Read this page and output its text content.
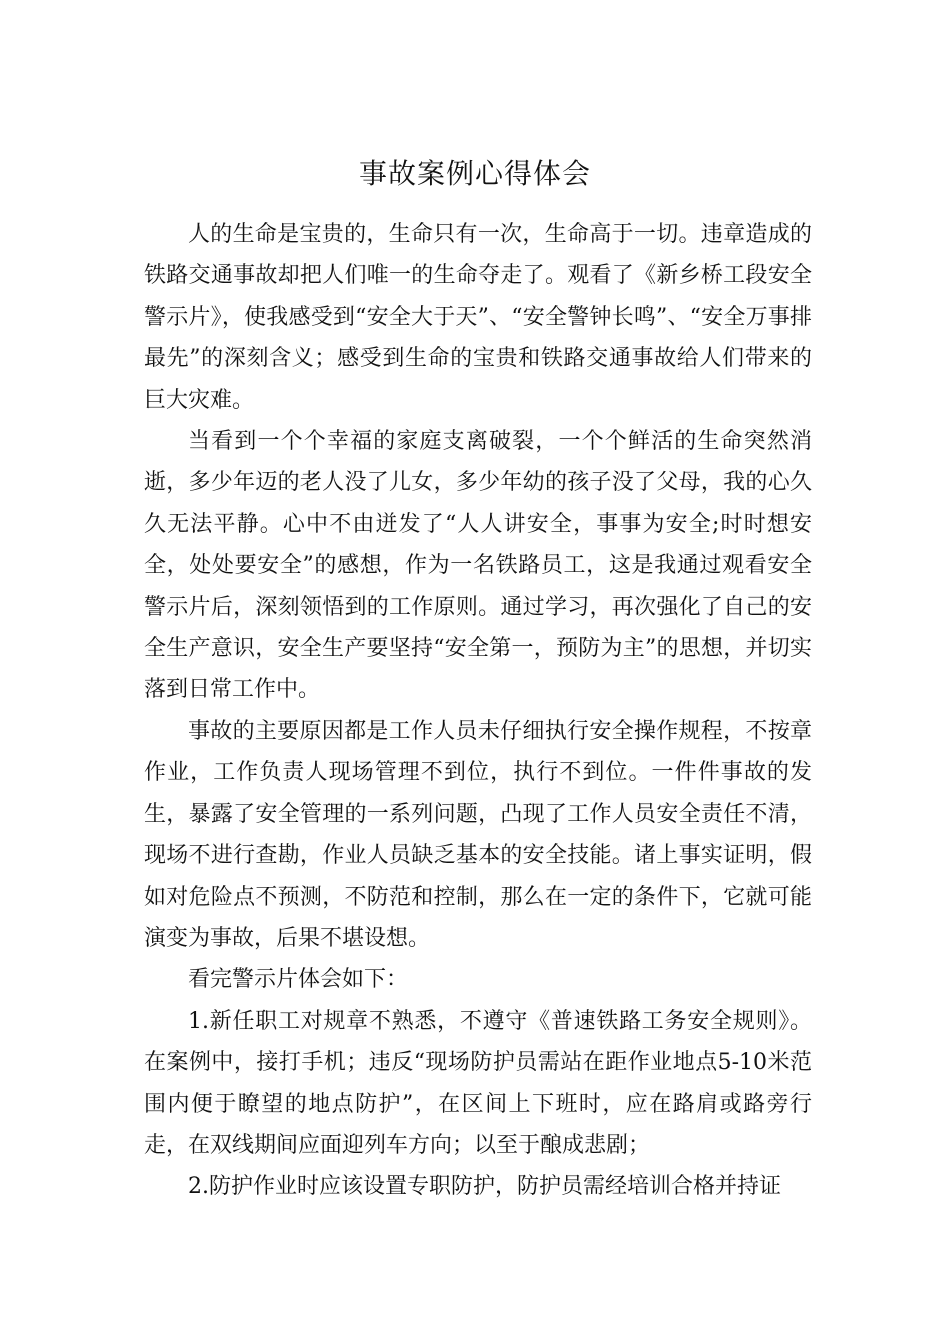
事故案例心得体会

人的生命是宝贵的，生命只有一次，生命高于一切。违章造成的铁路交通事故却把人们唯一的生命夺走了。观看了《新乡桥工段安全警示片》，使我感受到“安全大于天”、“安全警钟长鸣”、“安全万事排最先”的深刻含义；感受到生命的宝贵和铁路交通事故给人们带来的巨大灾难。

当看到一个个幸福的家庭支离破裂，一个个鲜活的生命突然消逝，多少年迈的老人没了儿女，多少年幼的孩子没了父母，我的心久久无法平静。心中不由迸发了“人人讲安全，事事为安全;时时想安全，处处要安全”的感想，作为一名铁路员工，这是我通过观看安全警示片后，深刻领悟到的工作原则。通过学习，再次强化了自己的安全生产意识，安全生产要坚持“安全第一，预防为主”的思想，并切实落到日常工作中。

事故的主要原因都是工作人员未仔细执行安全操作规程，不按章作业，工作负责人现场管理不到位，执行不到位。一件件事故的发生，暴露了安全管理的一系列问题，凸现了工作人员安全责任不清，现场不进行查勘，作业人员缺乏基本的安全技能。诸上事实证明，假如对危险点不预测，不防范和控制，那么在一定的条件下，它就可能演变为事故，后果不堪设想。

看完警示片体会如下：

1.新任职工对规章不熟悉，不遵守《普速铁路工务安全规则》。在案例中，接打手机；违反“现场防护员需站在距作业地点5-10米范围内便于瞭望的地点防护”，在区间上下班时，应在路肩或路旁行走，在双线期间应面迎列车方向；以至于酿成悲剧；

2.防护作业时应该设置专职防护，防护员需经培训合格并持证
